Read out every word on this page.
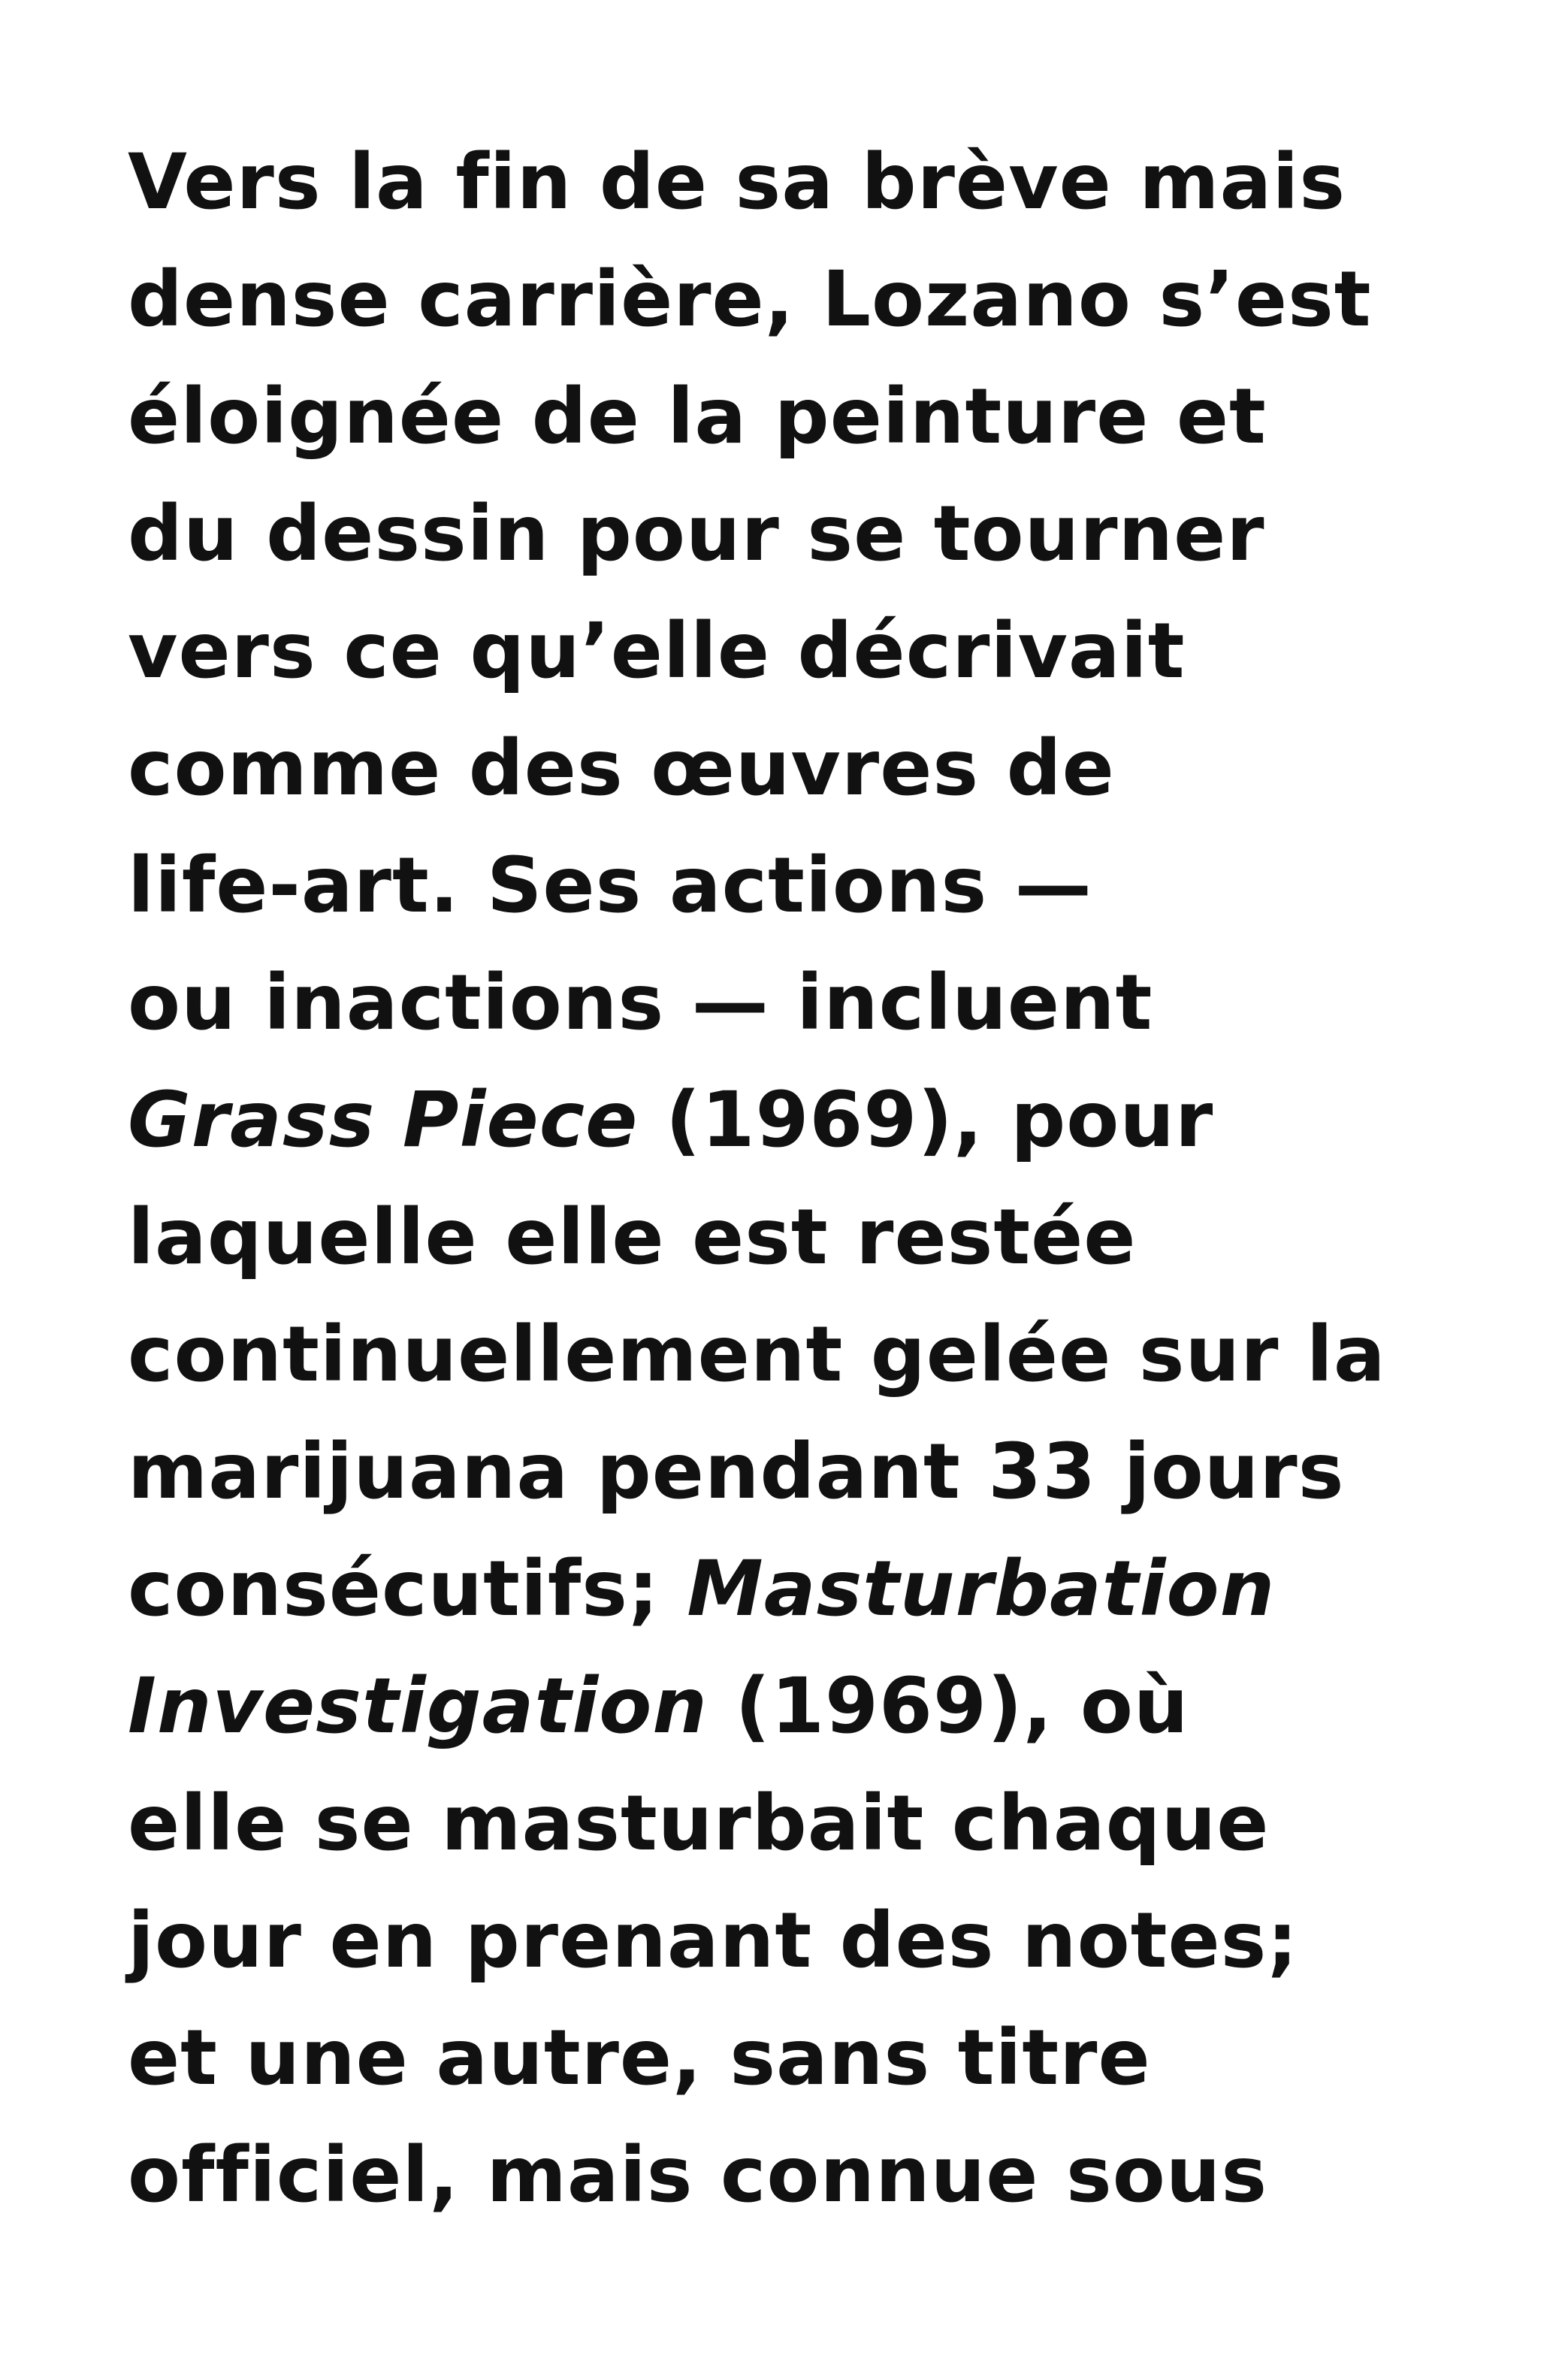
Vers la fin de sa brève mais
dense carrière, Lozano s’est
éloignée de la peinture et
du dessin pour se tourner
vers ce qu’elle décrivait
comme des œuvres de
life-art. Ses actions —
ou inactions — incluent
Grass Piece (1969), pour
laquelle elle est restée
continuellement gelée sur la
marijuana pendant 33 jours
consécutifs; Masturbation
Investigation (1969), où
elle se masturbait chaque
jour en prenant des notes;
et une autre, sans titre
officiel, mais connue sous
